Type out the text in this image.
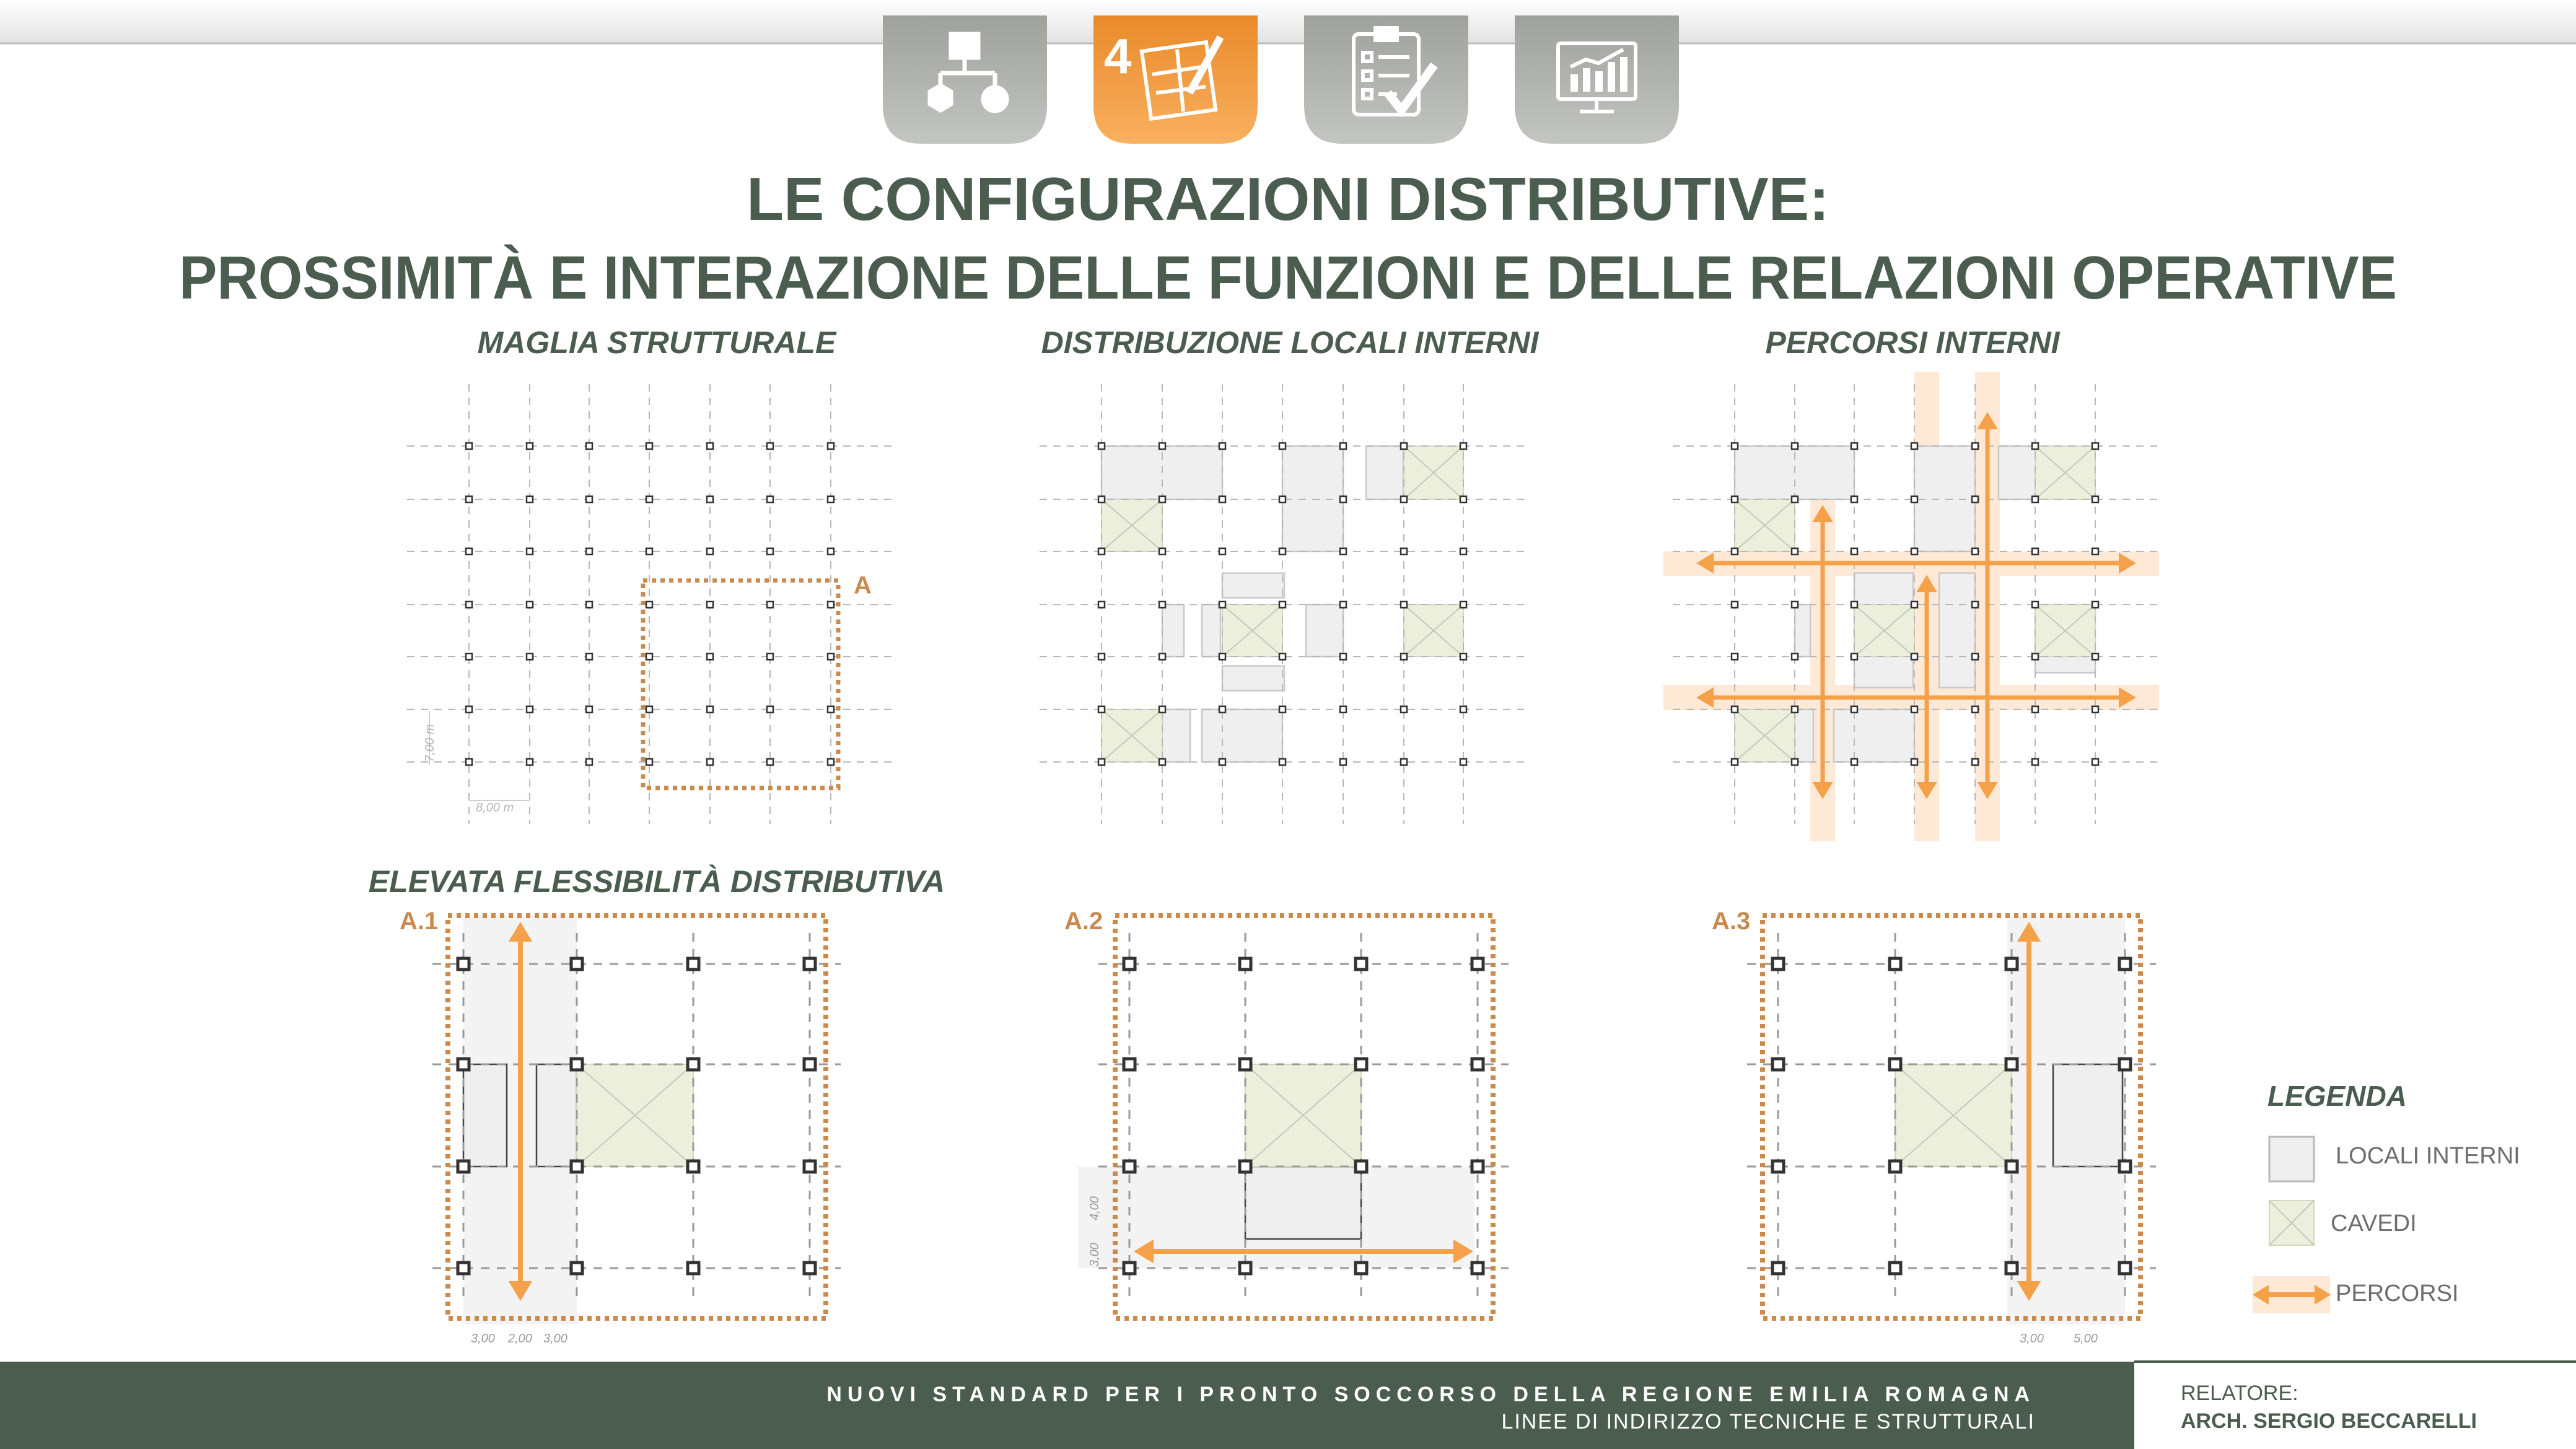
4
LE CONFIGURAZIONI DISTRIBUTIVE:
PROSSIMITÀ E INTERAZIONE DELLE FUNZIONI E DELLE RELAZIONI OPERATIVE
MAGLIA STRUTTURALE	DISTRIBUZIONE LOCALI INTERNI	PERCORSI INTERNI
ELEVATA FLESSIBILITÀ DISTRIBUTIVA
A
7,00 m
8,00 m
A.1
3,00 2,00 3,00
A.2
4,00
3,00
A.3
3,00 5,00
LEGENDA
LOCALI INTERNI
CAVEDI
PERCORSI
NUOVI STANDARD PER I PRONTO SOCCORSO DELLA REGIONE EMILIA ROMAGNA
LINEE DI INDIRIZZO TECNICHE E STRUTTURALI
RELATORE:
ARCH. SERGIO BECCARELLI
